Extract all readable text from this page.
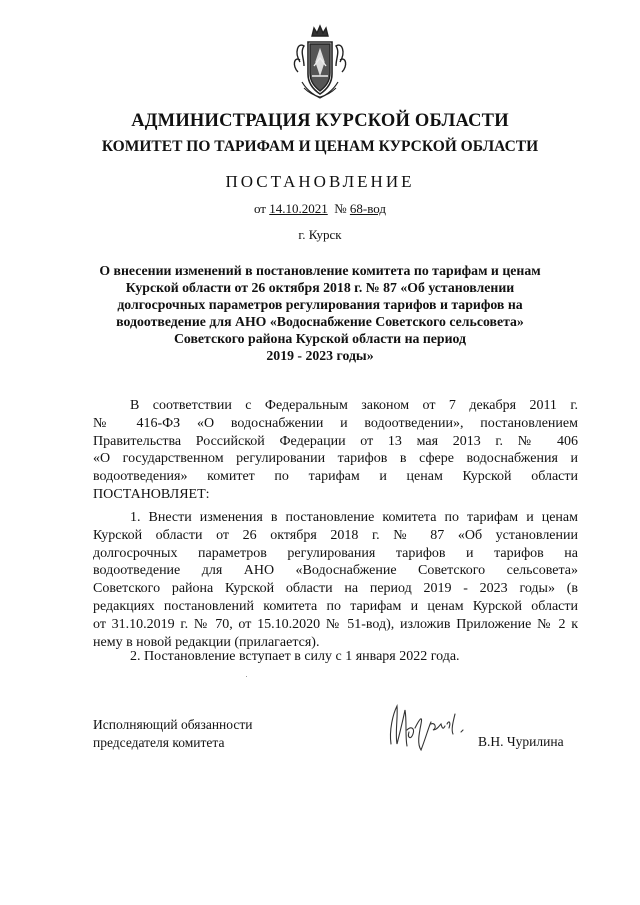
АДМИНИСТРАЦИЯ КУРСКОЙ ОБЛАСТИ
КОМИТЕТ ПО ТАРИФАМ И ЦЕНАМ КУРСКОЙ ОБЛАСТИ
ПОСТАНОВЛЕНИЕ
от 14.10.2021 № 68-вод
г. Курск
О внесении изменений в постановление комитета по тарифам и ценам
Курской области от 26 октября 2018 г. № 87 «Об установлении
долгосрочных параметров регулирования тарифов и тарифов на
водоотведение для АНО «Водоснабжение Советского сельсовета»
Советского района Курской области на период
2019 - 2023 годы»
В соответствии с Федеральным законом от 7 декабря 2011 г.
№ 416-ФЗ «О водоснабжении и водоотведении», постановлением
Правительства Российской Федерации от 13 мая 2013 г. № 406
«О государственном регулировании тарифов в сфере водоснабжения и
водоотведения» комитет по тарифам и ценам Курской области
ПОСТАНОВЛЯЕТ:
1. Внести изменения в постановление комитета по тарифам и ценам
Курской области от 26 октября 2018 г. № 87 «Об установлении
долгосрочных параметров регулирования тарифов и тарифов на
водоотведение для АНО «Водоснабжение Советского сельсовета»
Советского района Курской области на период 2019 - 2023 годы» (в
редакциях постановлений комитета по тарифам и ценам Курской области
от 31.10.2019 г. № 70, от 15.10.2020 № 51-вод), изложив Приложение № 2 к
нему в новой редакции (прилагается).
2. Постановление вступает в силу с 1 января 2022 года.
Исполняющий обязанности
председателя комитета	В.Н. Чурилина
